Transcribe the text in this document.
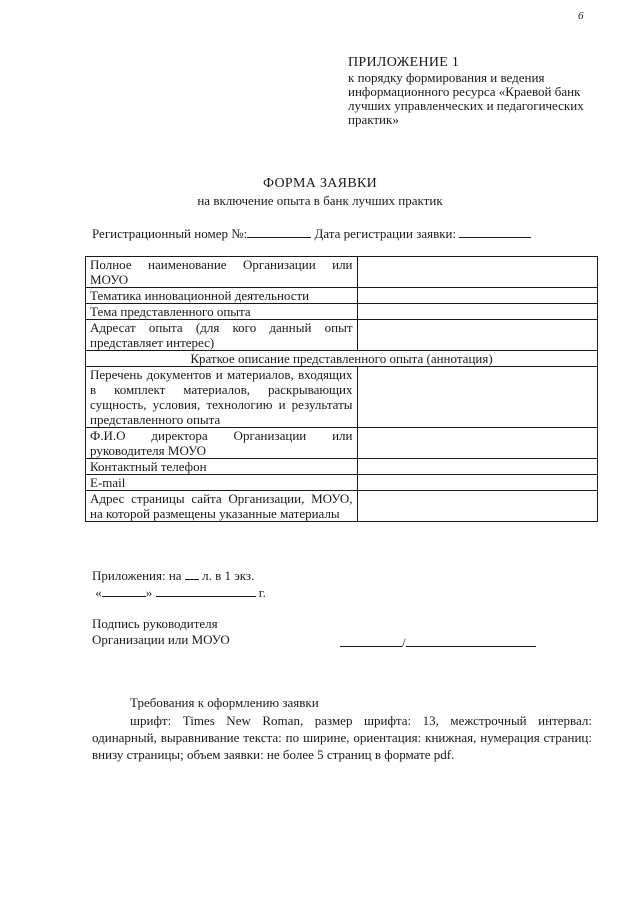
6
ПРИЛОЖЕНИЕ 1
к порядку формирования и ведения информационного ресурса «Краевой банк лучших управленческих и педагогических практик»
ФОРМА ЗАЯВКИ
на включение опыта в банк лучших практик
Регистрационный номер №:	Дата регистрации заявки:
Полное наименование Организации или МОУО	
Тематика инновационной деятельности	
Тема представленного опыта	
Адресат опыта (для кого данный опыт представляет интерес)	
Краткое описание представленного опыта (аннотация)	
Перечень документов и материалов, входящих в комплект материалов, раскрывающих сущность, условия, технологию и результаты представленного опыта	
Ф.И.О директора Организации или руководителя МОУО	
Контактный телефон	
E-mail	
Адрес страницы сайта Организации, МОУО, на которой размещены указанные материалы	
Приложения: на л. в 1 экз.
«	»	г.
Подпись руководителя
Организации или МОУО	/
Требования к оформлению заявки
шрифт: Times New Roman, размер шрифта: 13, межстрочный интервал: одинарный, выравнивание текста: по ширине, ориентация: книжная, нумерация страниц: внизу страницы; объем заявки: не более 5 страниц в формате pdf.
